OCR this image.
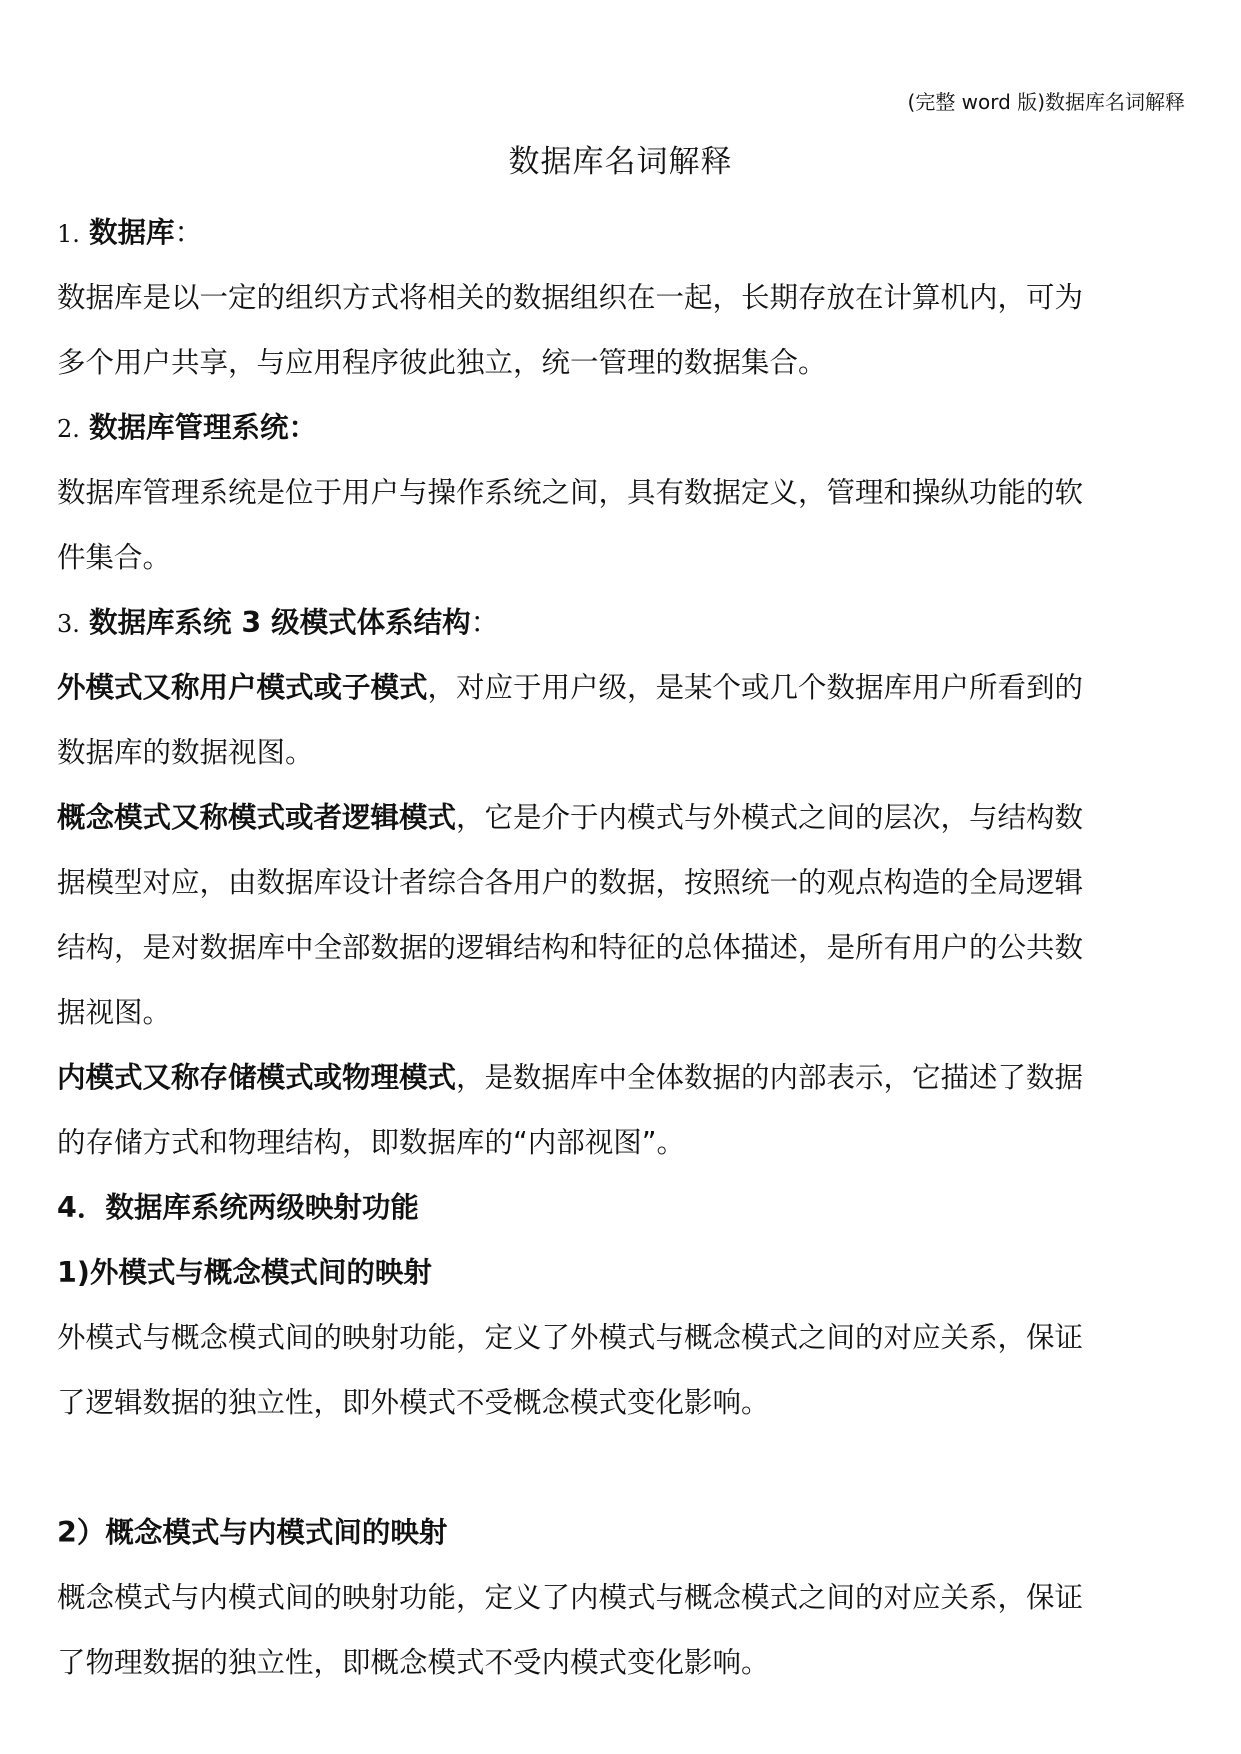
(完整 word 版)数据库名词解释
数据库名词解释
1. 数据库：
数据库是以一定的组织方式将相关的数据组织在一起，长期存放在计算机内，可为
多个用户共享，与应用程序彼此独立，统一管理的数据集合。
2. 数据库管理系统：
数据库管理系统是位于用户与操作系统之间，具有数据定义，管理和操纵功能的软
件集合。
3. 数据库系统 3 级模式体系结构：
外模式又称用户模式或子模式，对应于用户级，是某个或几个数据库用户所看到的
数据库的数据视图。
概念模式又称模式或者逻辑模式，它是介于内模式与外模式之间的层次，与结构数
据模型对应，由数据库设计者综合各用户的数据，按照统一的观点构造的全局逻辑
结构，是对数据库中全部数据的逻辑结构和特征的总体描述，是所有用户的公共数
据视图。
内模式又称存储模式或物理模式，是数据库中全体数据的内部表示，它描述了数据
的存储方式和物理结构，即数据库的“内部视图”。
4．数据库系统两级映射功能
1)外模式与概念模式间的映射
外模式与概念模式间的映射功能，定义了外模式与概念模式之间的对应关系，保证
了逻辑数据的独立性，即外模式不受概念模式变化影响。
2）概念模式与内模式间的映射
概念模式与内模式间的映射功能，定义了内模式与概念模式之间的对应关系，保证
了物理数据的独立性，即概念模式不受内模式变化影响。
